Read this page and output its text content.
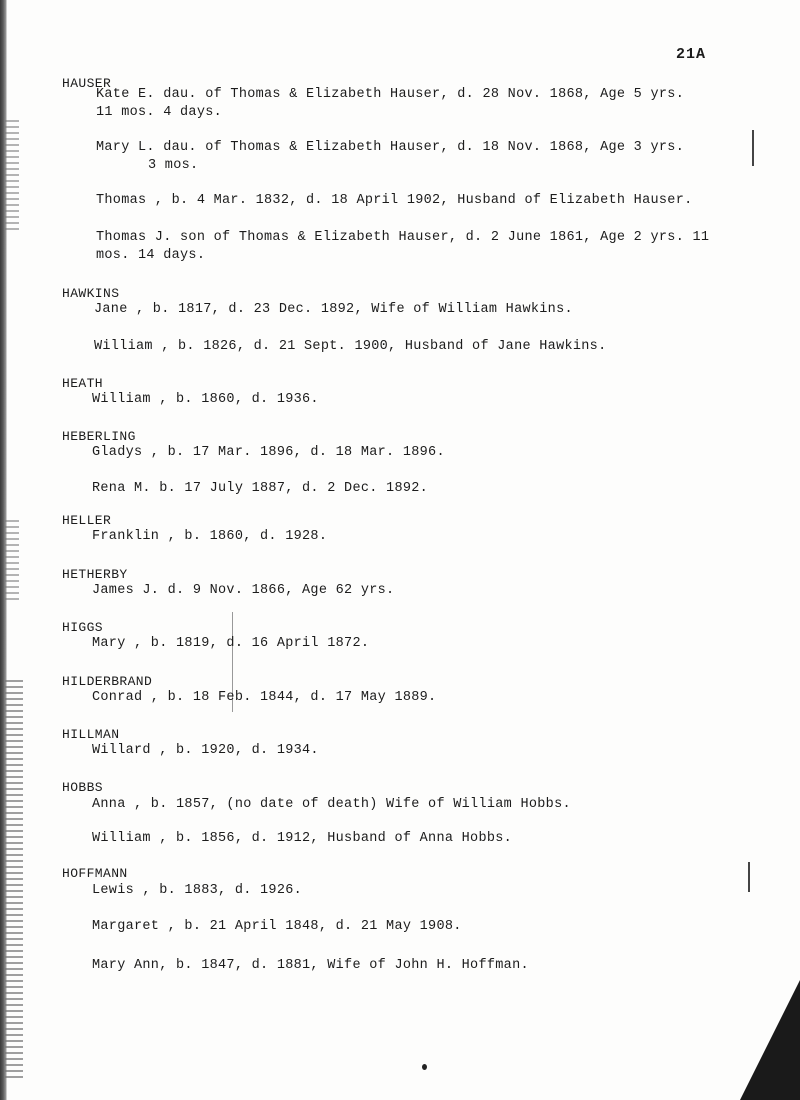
21A
HAUSER
Kate E. dau. of Thomas & Elizabeth Hauser, d. 28 Nov. 1868, Age 5 yrs.
11 mos. 4 days.
Mary L. dau. of Thomas & Elizabeth Hauser, d. 18 Nov. 1868, Age 3 yrs.
3 mos.
Thomas , b. 4 Mar. 1832, d. 18 April 1902, Husband of Elizabeth Hauser.
Thomas J. son of Thomas & Elizabeth Hauser, d. 2 June 1861, Age 2 yrs. 11
mos. 14 days.
HAWKINS
Jane , b. 1817, d. 23 Dec. 1892, Wife of William Hawkins.
William , b. 1826, d. 21 Sept. 1900, Husband of Jane Hawkins.
HEATH
William , b. 1860, d. 1936.
HEBERLING
Gladys , b. 17 Mar. 1896, d. 18 Mar. 1896.
Rena M. b. 17 July 1887, d. 2 Dec. 1892.
HELLER
Franklin , b. 1860, d. 1928.
HETHERBY
James J. d. 9 Nov. 1866, Age 62 yrs.
HIGGS
Mary , b. 1819, d. 16 April 1872.
HILDERBRAND
Conrad , b. 18 Feb. 1844, d. 17 May 1889.
HILLMAN
Willard , b. 1920, d. 1934.
HOBBS
Anna , b. 1857, (no date of death) Wife of William Hobbs.
William , b. 1856, d. 1912, Husband of Anna Hobbs.
HOFFMANN
Lewis , b. 1883, d. 1926.
Margaret , b. 21 April 1848, d. 21 May 1908.
Mary Ann, b. 1847, d. 1881, Wife of John H. Hoffman.
